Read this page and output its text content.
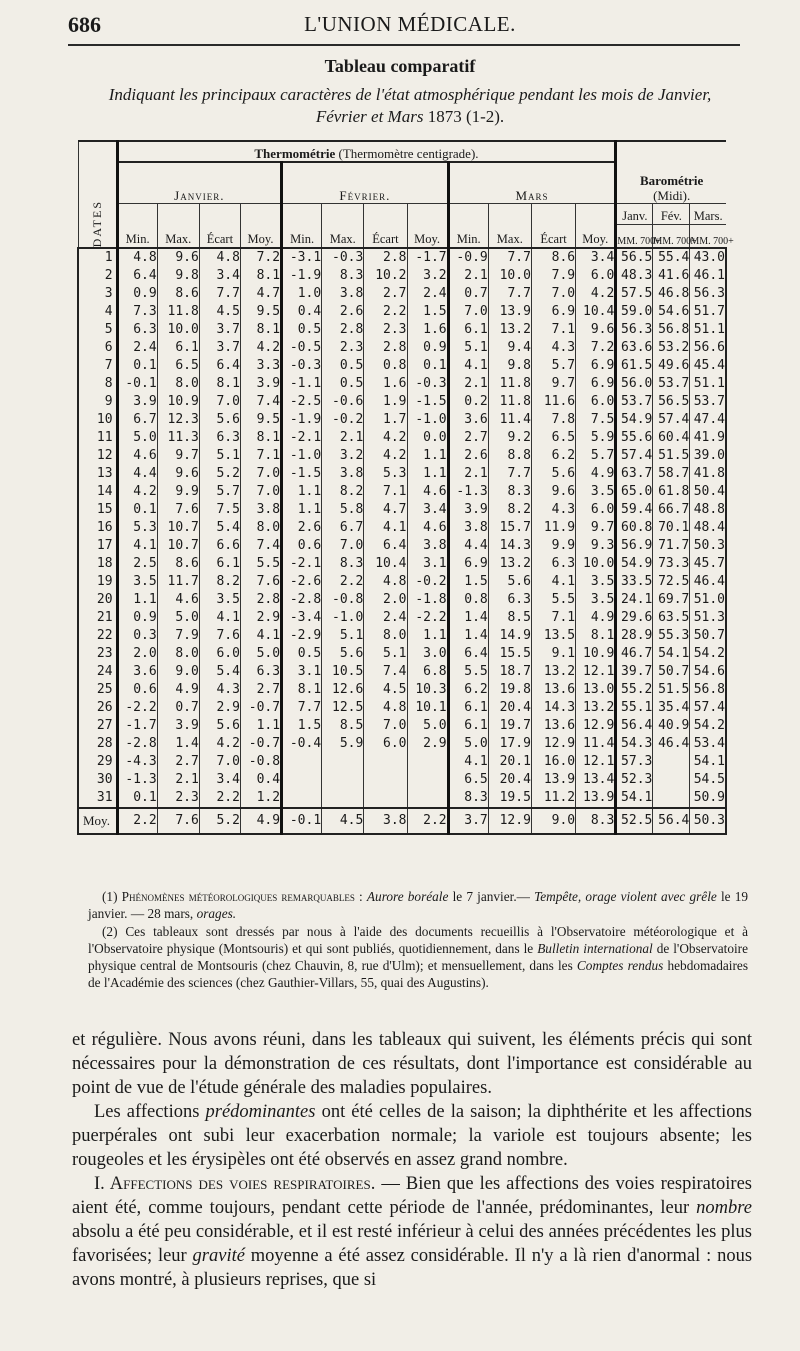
686	L'UNION MÉDICALE.
Tableau comparatif
Indiquant les principaux caractères de l'état atmosphérique pendant les mois de Janvier,
Février et Mars 1873 (1-2).
DATES	Thermométrie (Thermomètre centigrade).												Barométrie
(Midi).		
	Janvier.				Février.				Mars						
	Min.	Max.	Écart	Moy.	Min.	Max.	Écart	Moy.	Min.	Max.	Écart	Moy.	Janv.	Fév.	Mars.
													MM. 700+	MM. 700+	MM. 700+
1	4.8	9.6	4.8	7.2	-3.1	-0.3	2.8	-1.7	-0.9	7.7	8.6	3.4	56.5	55.4	43.0
2	6.4	9.8	3.4	8.1	-1.9	8.3	10.2	3.2	2.1	10.0	7.9	6.0	48.3	41.6	46.1
3	0.9	8.6	7.7	4.7	1.0	3.8	2.7	2.4	0.7	7.7	7.0	4.2	57.5	46.8	56.3
4	7.3	11.8	4.5	9.5	0.4	2.6	2.2	1.5	7.0	13.9	6.9	10.4	59.0	54.6	51.7
5	6.3	10.0	3.7	8.1	0.5	2.8	2.3	1.6	6.1	13.2	7.1	9.6	56.3	56.8	51.1
6	2.4	6.1	3.7	4.2	-0.5	2.3	2.8	0.9	5.1	9.4	4.3	7.2	63.6	53.2	56.6
7	0.1	6.5	6.4	3.3	-0.3	0.5	0.8	0.1	4.1	9.8	5.7	6.9	61.5	49.6	45.4
8	-0.1	8.0	8.1	3.9	-1.1	0.5	1.6	-0.3	2.1	11.8	9.7	6.9	56.0	53.7	51.1
9	3.9	10.9	7.0	7.4	-2.5	-0.6	1.9	-1.5	0.2	11.8	11.6	6.0	53.7	56.5	53.7
10	6.7	12.3	5.6	9.5	-1.9	-0.2	1.7	-1.0	3.6	11.4	7.8	7.5	54.9	57.4	47.4
11	5.0	11.3	6.3	8.1	-2.1	2.1	4.2	0.0	2.7	9.2	6.5	5.9	55.6	60.4	41.9
12	4.6	9.7	5.1	7.1	-1.0	3.2	4.2	1.1	2.6	8.8	6.2	5.7	57.4	51.5	39.0
13	4.4	9.6	5.2	7.0	-1.5	3.8	5.3	1.1	2.1	7.7	5.6	4.9	63.7	58.7	41.8
14	4.2	9.9	5.7	7.0	1.1	8.2	7.1	4.6	-1.3	8.3	9.6	3.5	65.0	61.8	50.4
15	0.1	7.6	7.5	3.8	1.1	5.8	4.7	3.4	3.9	8.2	4.3	6.0	59.4	66.7	48.8
16	5.3	10.7	5.4	8.0	2.6	6.7	4.1	4.6	3.8	15.7	11.9	9.7	60.8	70.1	48.4
17	4.1	10.7	6.6	7.4	0.6	7.0	6.4	3.8	4.4	14.3	9.9	9.3	56.9	71.7	50.3
18	2.5	8.6	6.1	5.5	-2.1	8.3	10.4	3.1	6.9	13.2	6.3	10.0	54.9	73.3	45.7
19	3.5	11.7	8.2	7.6	-2.6	2.2	4.8	-0.2	1.5	5.6	4.1	3.5	33.5	72.5	46.4
20	1.1	4.6	3.5	2.8	-2.8	-0.8	2.0	-1.8	0.8	6.3	5.5	3.5	24.1	69.7	51.0
21	0.9	5.0	4.1	2.9	-3.4	-1.0	2.4	-2.2	1.4	8.5	7.1	4.9	29.6	63.5	51.3
22	0.3	7.9	7.6	4.1	-2.9	5.1	8.0	1.1	1.4	14.9	13.5	8.1	28.9	55.3	50.7
23	2.0	8.0	6.0	5.0	0.5	5.6	5.1	3.0	6.4	15.5	9.1	10.9	46.7	54.1	54.2
24	3.6	9.0	5.4	6.3	3.1	10.5	7.4	6.8	5.5	18.7	13.2	12.1	39.7	50.7	54.6
25	0.6	4.9	4.3	2.7	8.1	12.6	4.5	10.3	6.2	19.8	13.6	13.0	55.2	51.5	56.8
26	-2.2	0.7	2.9	-0.7	7.7	12.5	4.8	10.1	6.1	20.4	14.3	13.2	55.1	35.4	57.4
27	-1.7	3.9	5.6	1.1	1.5	8.5	7.0	5.0	6.1	19.7	13.6	12.9	56.4	40.9	54.2
28	-2.8	1.4	4.2	-0.7	-0.4	5.9	6.0	2.9	5.0	17.9	12.9	11.4	54.3	46.4	53.4
29	-4.3	2.7	7.0	-0.8					4.1	20.1	16.0	12.1	57.3		54.1
30	-1.3	2.1	3.4	0.4					6.5	20.4	13.9	13.4	52.3		54.5
31	0.1	2.3	2.2	1.2					8.3	19.5	11.2	13.9	54.1		50.9
Moy.	2.2	7.6	5.2	4.9	-0.1	4.5	3.8	2.2	3.7	12.9	9.0	8.3	52.5	56.4	50.3

(1) Phénomènes météorologiques remarquables : Aurore boréale le 7 janvier.— Tempête, orage violent avec grêle le 19 janvier. — 28 mars, orages.

(2) Ces tableaux sont dressés par nous à l'aide des documents recueillis à l'Observatoire météorologique et à l'Observatoire physique (Montsouris) et qui sont publiés, quotidiennement, dans le Bulletin international de l'Observatoire physique central de Montsouris (chez Chauvin, 8, rue d'Ulm); et mensuellement, dans les Comptes rendus hebdomadaires de l'Académie des sciences (chez Gauthier-Villars, 55, quai des Augustins).

et régulière. Nous avons réuni, dans les tableaux qui suivent, les éléments précis qui sont nécessaires pour la démonstration de ces résultats, dont l'importance est considérable au point de vue de l'étude générale des maladies populaires.

Les affections prédominantes ont été celles de la saison; la diphthérite et les affections puerpérales ont subi leur exacerbation normale; la variole est toujours absente; les rougeoles et les érysipèles ont été observés en assez grand nombre.

I. Affections des voies respiratoires. — Bien que les affections des voies respiratoires aient été, comme toujours, pendant cette période de l'année, prédominantes, leur nombre absolu a été peu considérable, et il est resté inférieur à celui des années précédentes les plus favorisées; leur gravité moyenne a été assez considérable. Il n'y a là rien d'anormal : nous avons montré, à plusieurs reprises, que si
